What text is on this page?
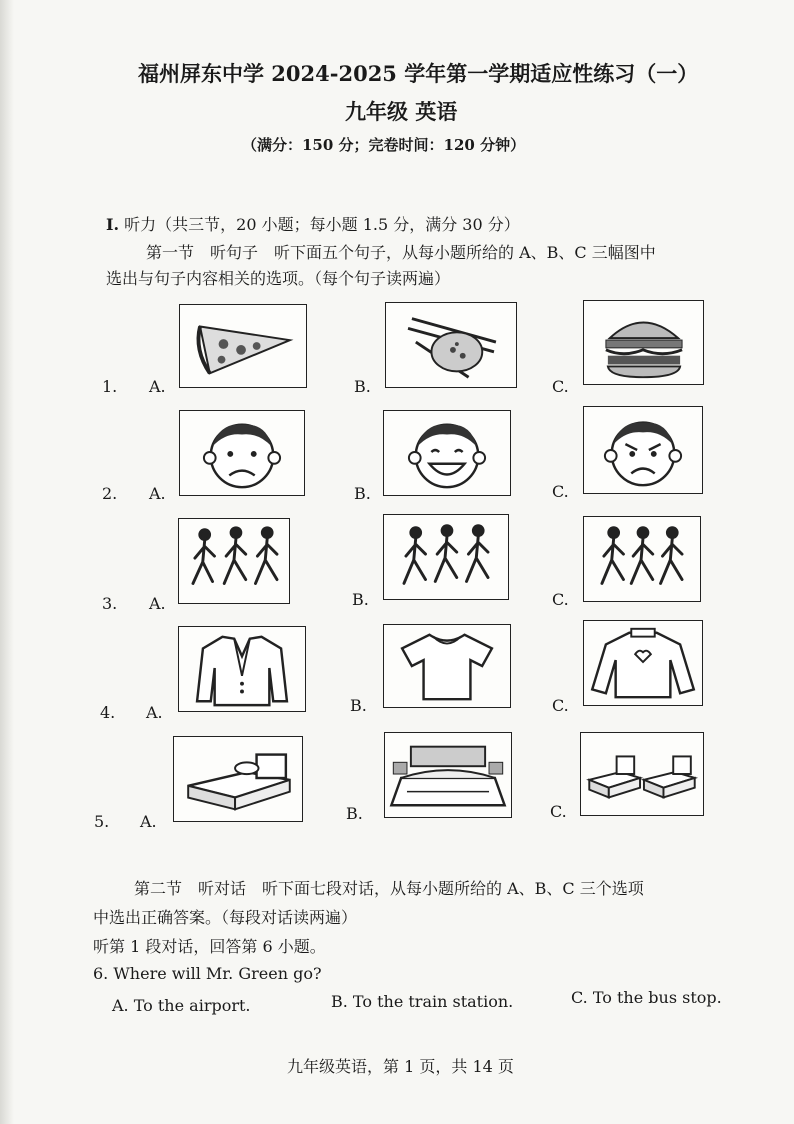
福州屏东中学 2024-2025 学年第一学期适应性练习（一）
九年级 英语
（满分：150 分；完卷时间：120 分钟）
I. 听力（共三节，20 小题；每小题 1.5 分，满分 30 分）
第一节　听句子　听下面五个句子，从每小题所给的 A、B、C 三幅图中
选出与句子内容相关的选项。（每个句子读两遍）
1. A.	B.	C.
2. A.	B.	C.
3. A.	B.	C.
4. A.	B.	C.
5. A.	B.	C.
第二节　听对话　听下面七段对话，从每小题所给的 A、B、C 三个选项
中选出正确答案。（每段对话读两遍）
听第 1 段对话，回答第 6 小题。
6. Where will Mr. Green go?
A. To the airport.	B. To the train station.	C. To the bus stop.
九年级英语，第 1 页，共 14 页
